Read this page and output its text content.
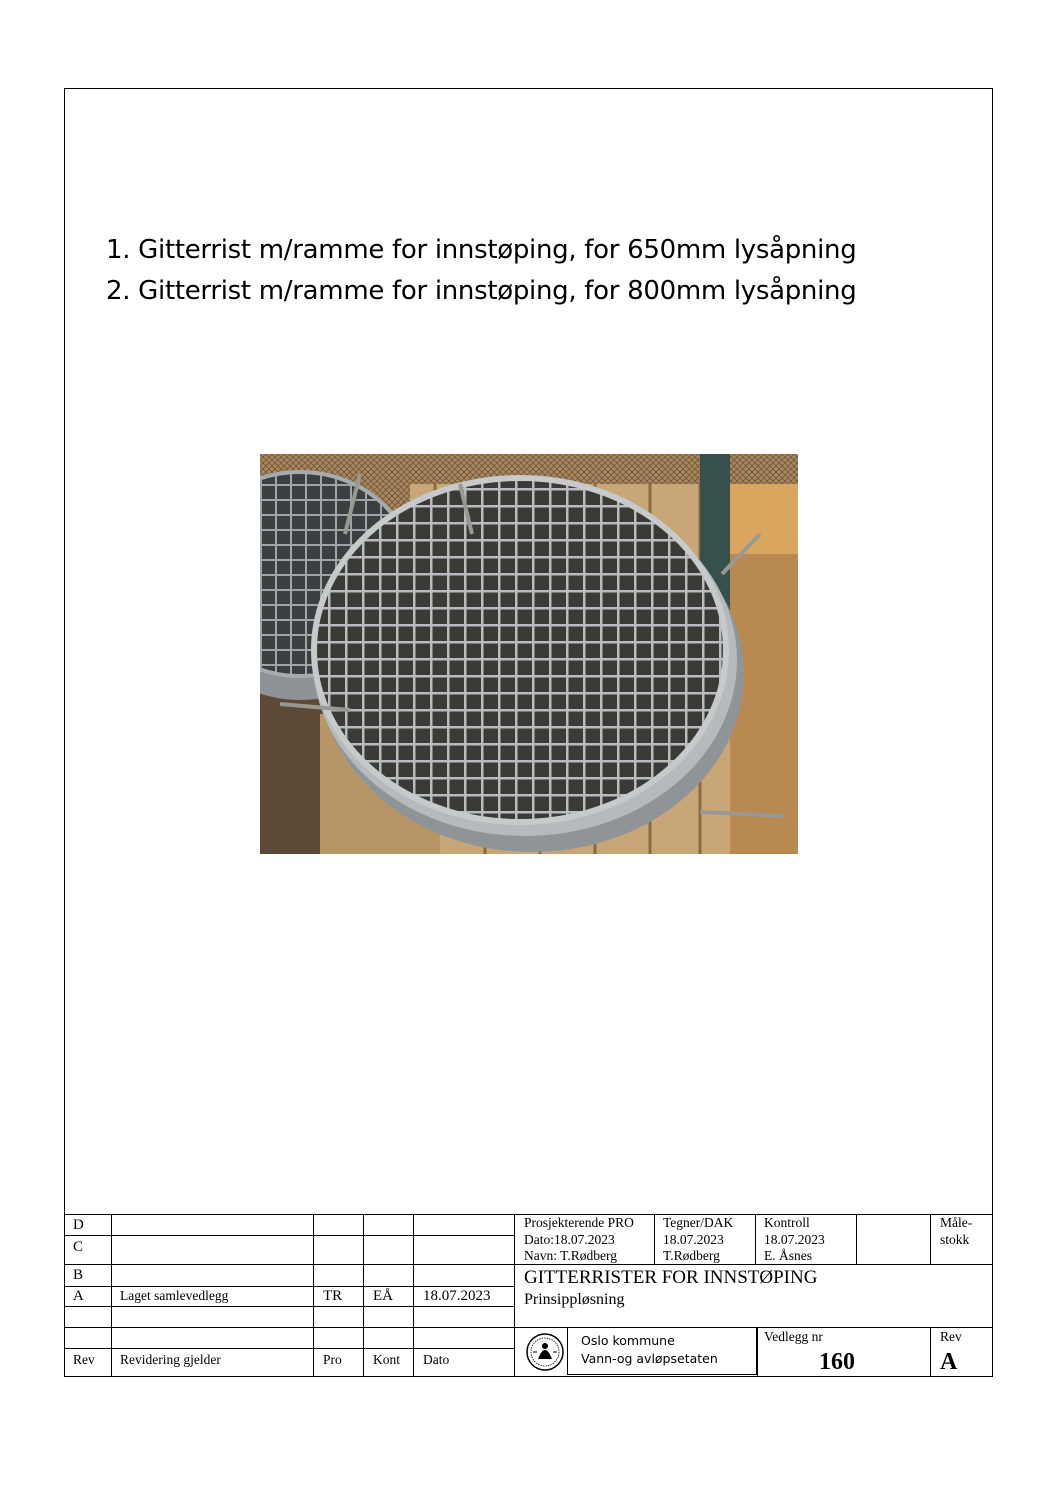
1. Gitterrist m/ramme for innstøping, for 650mm lysåpning
2. Gitterrist m/ramme for innstøping, for 800mm lysåpning
D
C
B
A	Laget samlevedlegg	TR EÅ 18.07.2023
Rev Revidering gjelder	Pro Kont Dato
Prosjekterende PRO
Dato:18.07.2023
Navn: T.Rødberg
Tegner/DAK
18.07.2023
T.Rødberg
Kontroll
18.07.2023
E. Åsnes
Måle-
stokk
GITTERRISTER FOR INNSTØPING
Prinsippløsning
Oslo kommune
Vann-og avløpsetaten
Vedlegg nr
160
Rev
A
